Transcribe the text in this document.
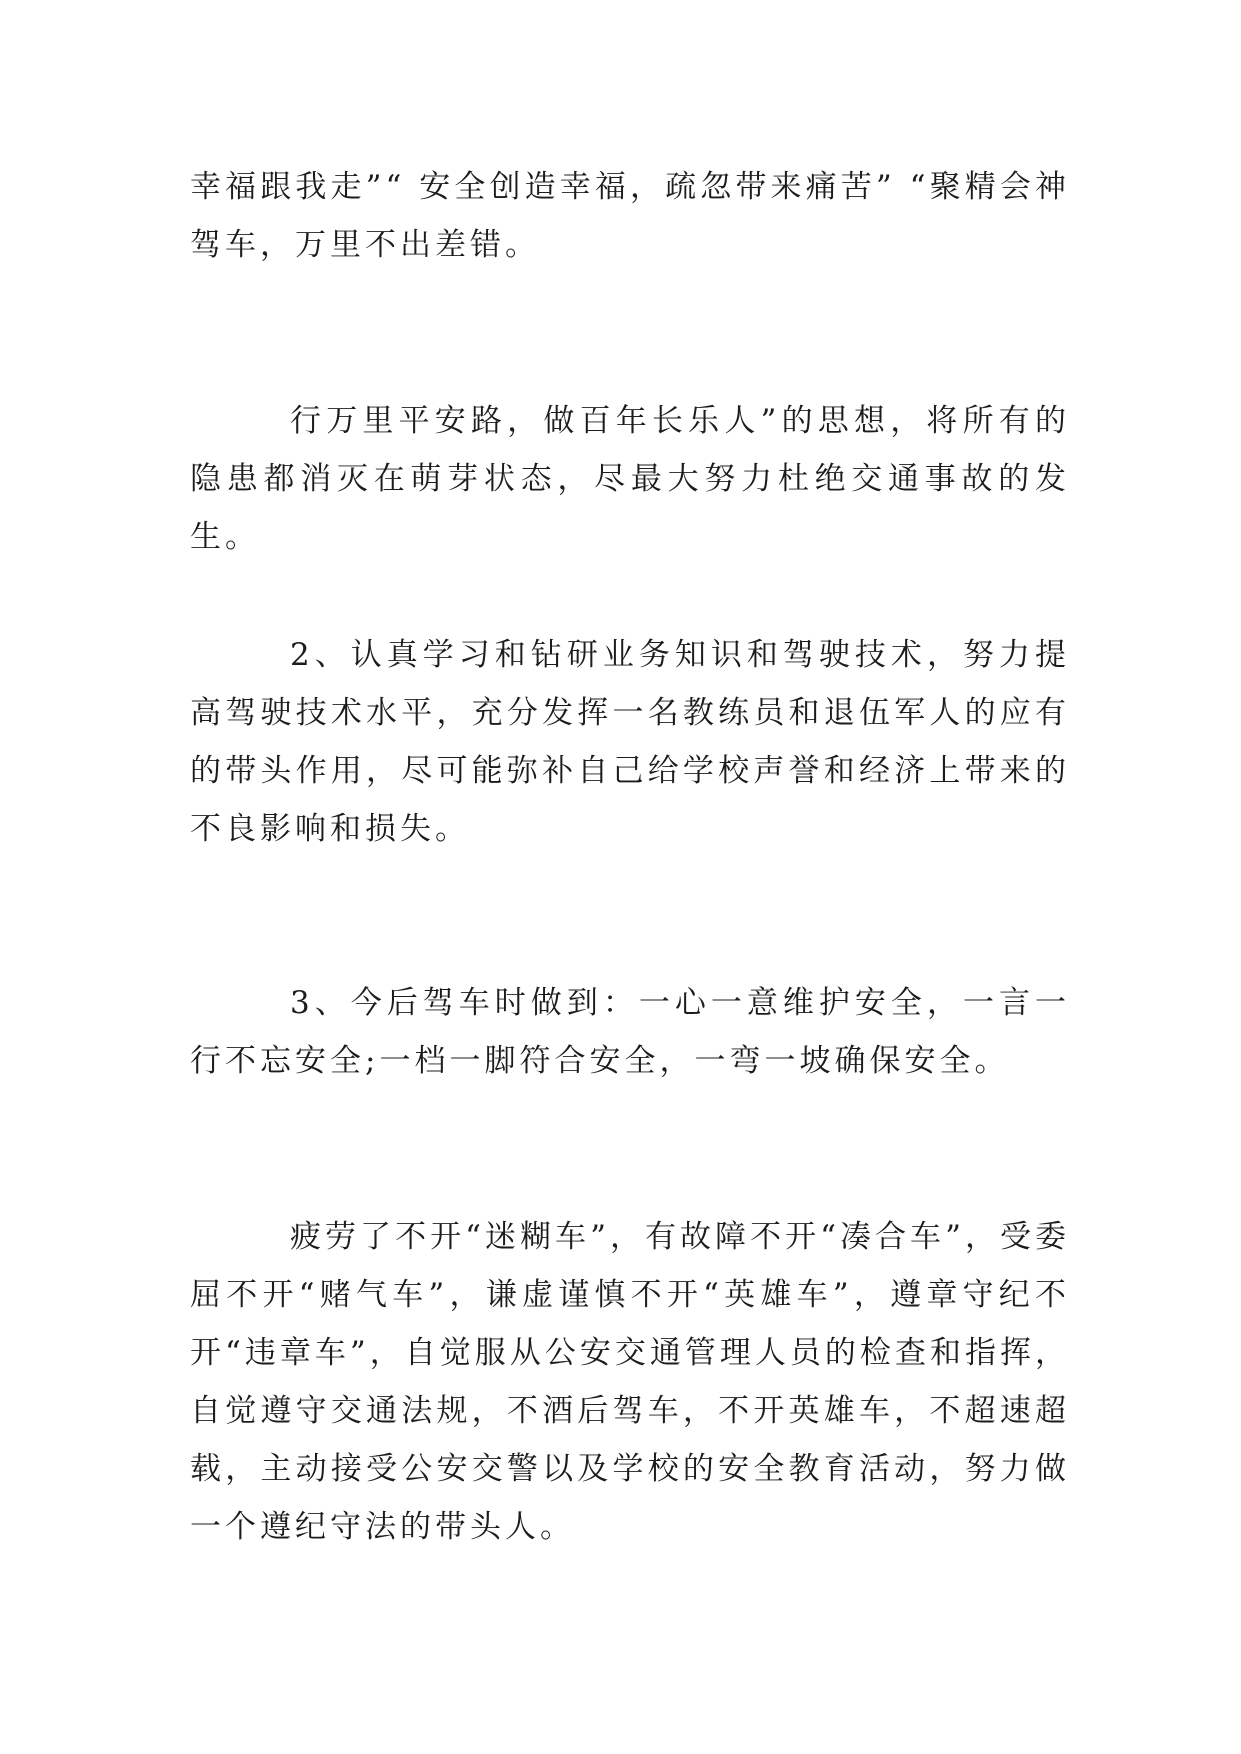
幸福跟我走”“ 安全创造幸福，疏忽带来痛苦” “聚精会神驾车，万里不出差错。

行万里平安路，做百年长乐人”的思想，将所有的隐患都消灭在萌芽状态，尽最大努力杜绝交通事故的发生。

2、认真学习和钻研业务知识和驾驶技术，努力提高驾驶技术水平，充分发挥一名教练员和退伍军人的应有的带头作用，尽可能弥补自己给学校声誉和经济上带来的不良影响和损失。

3、今后驾车时做到：一心一意维护安全，一言一行不忘安全;一档一脚符合安全，一弯一坡确保安全。

疲劳了不开“迷糊车”，有故障不开“凑合车”，受委屈不开“赌气车”，谦虚谨慎不开“英雄车”，遵章守纪不开“违章车”，自觉服从公安交通管理人员的检查和指挥，自觉遵守交通法规，不酒后驾车，不开英雄车，不超速超载，主动接受公安交警以及学校的安全教育活动，努力做一个遵纪守法的带头人。
